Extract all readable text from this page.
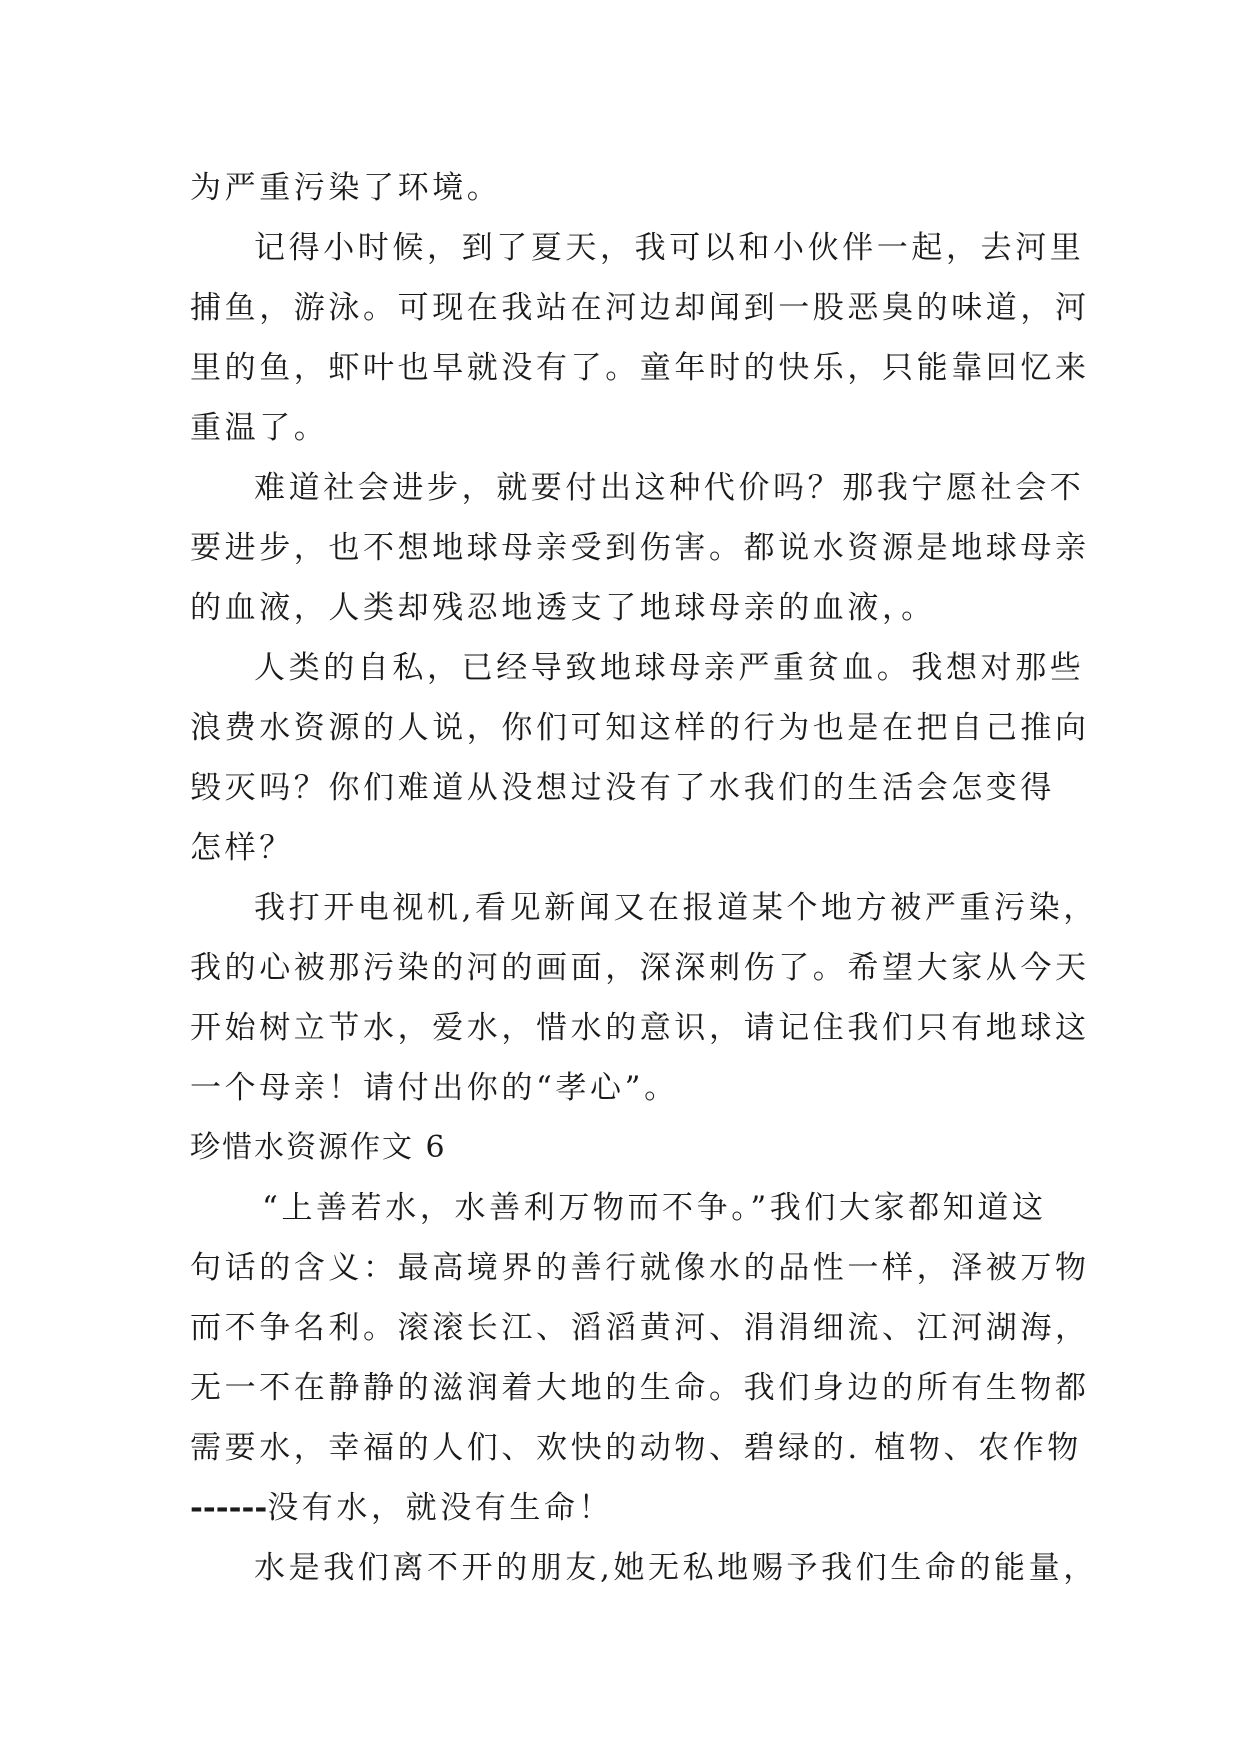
为严重污染了环境。
记得小时候，到了夏天，我可以和小伙伴一起，去河里
捕鱼，游泳。可现在我站在河边却闻到一股恶臭的味道，河
里的鱼，虾叶也早就没有了。童年时的快乐，只能靠回忆来
重温了。
难道社会进步，就要付出这种代价吗？那我宁愿社会不
要进步，也不想地球母亲受到伤害。都说水资源是地球母亲
的血液，人类却残忍地透支了地球母亲的血液，。
人类的自私，已经导致地球母亲严重贫血。我想对那些
浪费水资源的人说，你们可知这样的行为也是在把自己推向
毁灭吗？你们难道从没想过没有了水我们的生活会怎变得
怎样？
我打开电视机,看见新闻又在报道某个地方被严重污染，
我的心被那污染的河的画面，深深刺伤了。希望大家从今天
开始树立节水，爱水，惜水的意识，请记住我们只有地球这
一个母亲！请付出你的“孝心”。
珍惜水资源作文 6
“上善若水，水善利万物而不争。”我们大家都知道这
句话的含义：最高境界的善行就像水的品性一样，泽被万物
而不争名利。滚滚长江、滔滔黄河、涓涓细流、江河湖海，
无一不在静静的滋润着大地的生命。我们身边的所有生物都
需要水，幸福的人们、欢快的动物、碧绿的. 植物、农作物
------没有水，就没有生命！
水是我们离不开的朋友,她无私地赐予我们生命的能量，
